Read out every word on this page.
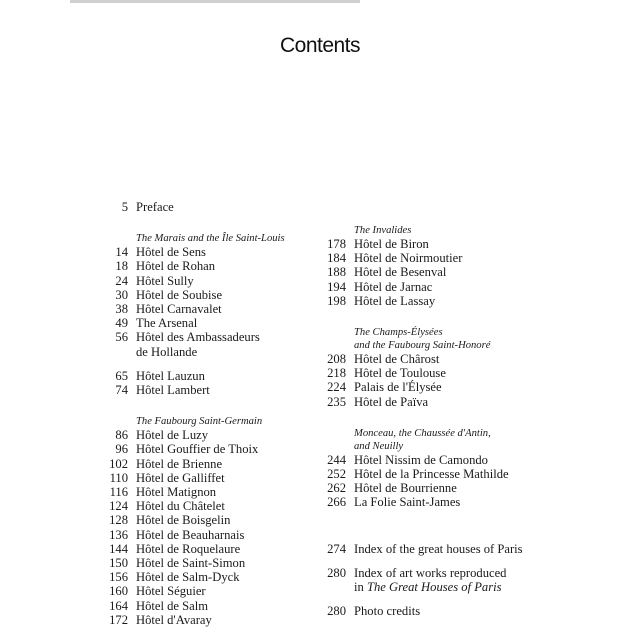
Contents
5 Preface
The Marais and the Île Saint-Louis
14 Hôtel de Sens
18 Hôtel de Rohan
24 Hôtel Sully
30 Hôtel de Soubise
38 Hôtel Carnavalet
49 The Arsenal
56 Hôtel des Ambassadeurs
de Hollande
65 Hôtel Lauzun
74 Hôtel Lambert
The Faubourg Saint-Germain
86 Hôtel de Luzy
96 Hôtel Gouffier de Thoix
102 Hôtel de Brienne
110 Hôtel de Galliffet
116 Hôtel Matignon
124 Hôtel du Châtelet
128 Hôtel de Boisgelin
136 Hôtel de Beauharnais
144 Hôtel de Roquelaure
150 Hôtel de Saint-Simon
156 Hôtel de Salm-Dyck
160 Hôtel Séguier
164 Hôtel de Salm
172 Hôtel d'Avaray
The Invalides
178 Hôtel de Biron
184 Hôtel de Noirmoutier
188 Hôtel de Besenval
194 Hôtel de Jarnac
198 Hôtel de Lassay
The Champs-Élysées
and the Faubourg Saint-Honoré
208 Hôtel de Chârost
218 Hôtel de Toulouse
224 Palais de l'Élysée
235 Hôtel de Païva
Monceau, the Chaussée d'Antin,
and Neuilly
244 Hôtel Nissim de Camondo
252 Hôtel de la Princesse Mathilde
262 Hôtel de Bourrienne
266 La Folie Saint-James
274 Index of the great houses of Paris
280 Index of art works reproduced
in The Great Houses of Paris
280 Photo credits
